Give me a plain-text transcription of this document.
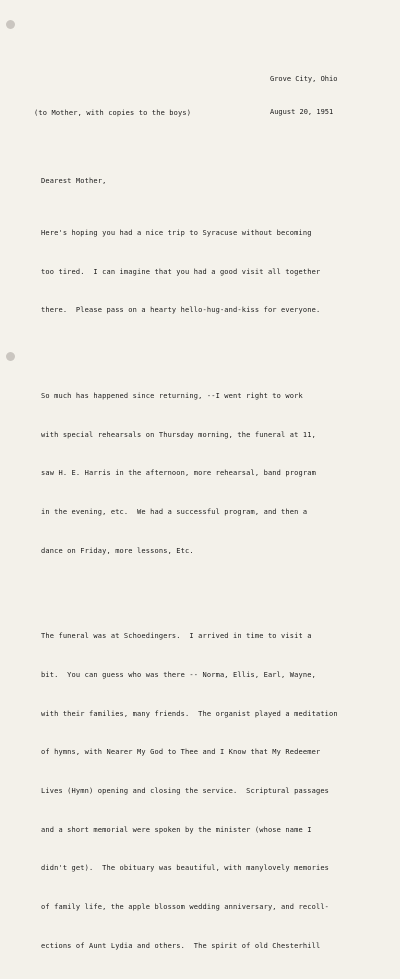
Grove City, Ohio

August 20, 1951

(to Mother, with copies to the boys)

Dearest Mother,

Here's hoping you had a nice trip to Syracuse without becoming

too tired.  I can imagine that you had a good visit all together

there.  Please pass on a hearty hello-hug-and-kiss for everyone.

So much has happened since returning, --I went right to work

with special rehearsals on Thursday morning, the funeral at 11,

saw H. E. Harris in the afternoon, more rehearsal, band program

in the evening, etc.  We had a successful program, and then a

dance on Friday, more lessons, Etc.

The funeral was at Schoedingers.  I arrived in time to visit a

bit.  You can guess who was there -- Norma, Ellis, Earl, Wayne,

with their families, many friends.  The organist played a meditation

of hymns, with Nearer My God to Thee and I Know that My Redeemer

Lives (Hymn) opening and closing the service.  Scriptural passages

and a short memorial were spoken by the minister (whose name I

didn't get).  The obituary was beautiful, with manylovely memories

of family life, the apple blossom wedding anniversary, and recoll-

ections of Aunt Lydia and others.  The spirit of old Chesterhill
